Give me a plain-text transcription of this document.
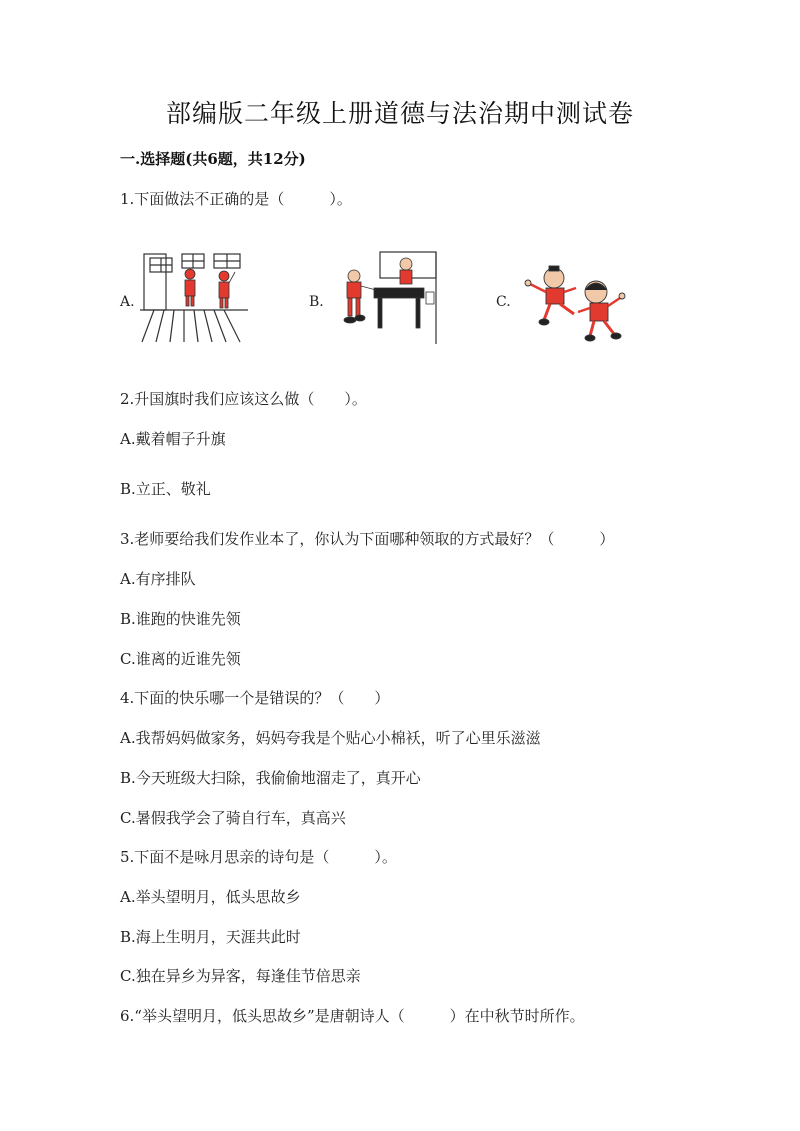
部编版二年级上册道德与法治期中测试卷
一.选择题(共6题，共12分)
1.下面做法不正确的是（　　　）。
A.	B.	C.
2.升国旗时我们应该这么做（　　）。
A.戴着帽子升旗
B.立正、敬礼
3.老师要给我们发作业本了，你认为下面哪种领取的方式最好？（　　　）
A.有序排队
B.谁跑的快谁先领
C.谁离的近谁先领
4.下面的快乐哪一个是错误的？（　　）
A.我帮妈妈做家务，妈妈夸我是个贴心小棉袄，听了心里乐滋滋
B.今天班级大扫除，我偷偷地溜走了，真开心
C.暑假我学会了骑自行车，真高兴
5.下面不是咏月思亲的诗句是（　　　）。
A.举头望明月，低头思故乡
B.海上生明月，天涯共此时
C.独在异乡为异客，每逢佳节倍思亲
6.“举头望明月，低头思故乡”是唐朝诗人（　　　）在中秋节时所作。
